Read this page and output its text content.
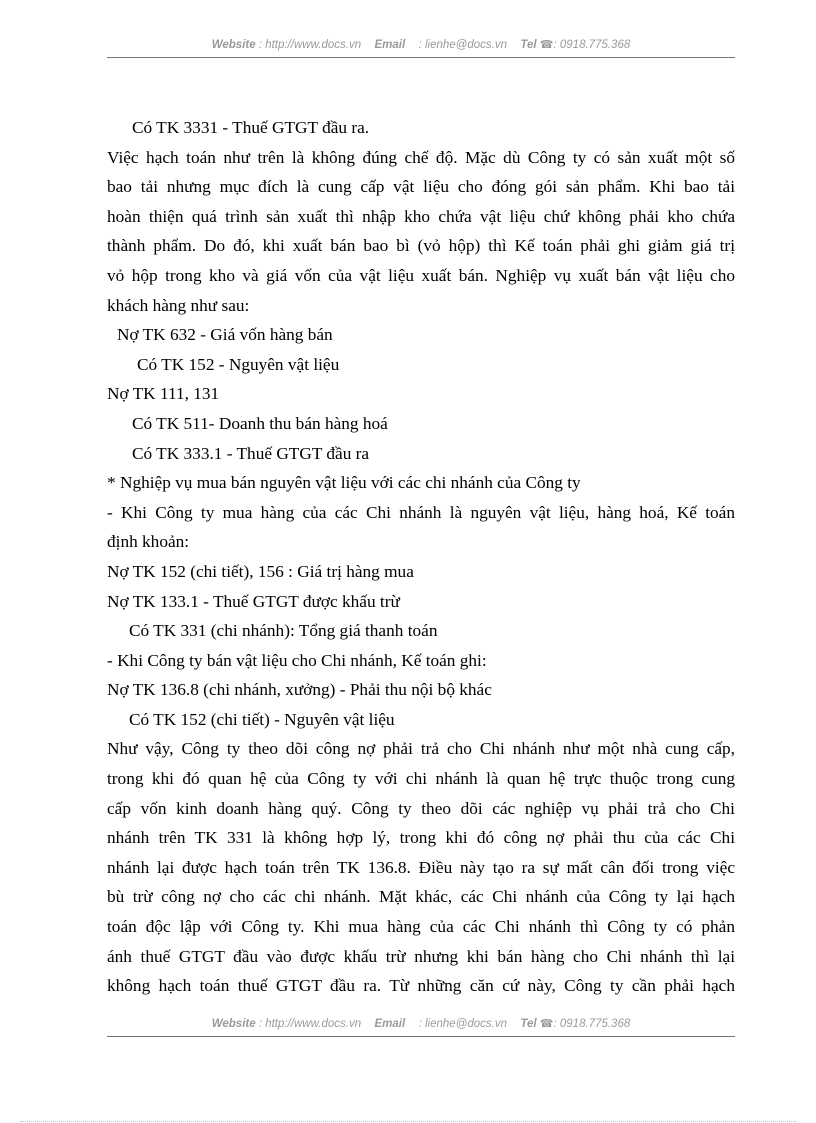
Website : http://www.docs.vn Email : lienhe@docs.vn Tel ☎: 0918.775.368
Có TK 3331 - Thuế GTGT đầu ra.
Việc hạch toán như trên là không đúng chế độ. Mặc dù Công ty có sản xuất một số
bao tải nhưng mục đích là cung cấp vật liệu cho đóng gói sản phẩm. Khi bao tải
hoàn thiện quá trình sản xuất thì nhập kho chứa vật liệu chứ không phải kho chứa
thành phẩm. Do đó, khi xuất bán bao bì (vỏ hộp) thì Kế toán phải ghi giảm giá trị
vỏ hộp trong kho và giá vốn của vật liệu xuất bán. Nghiệp vụ xuất bán vật liệu cho
khách hàng như sau:
Nợ TK 632 - Giá vốn hàng bán
Có TK 152 - Nguyên vật liệu
Nợ TK 111, 131
Có TK 511- Doanh thu bán hàng hoá
Có TK 333.1 - Thuế GTGT đầu ra
* Nghiệp vụ mua bán nguyên vật liệu với các chi nhánh của Công ty
- Khi Công ty mua hàng của các Chi nhánh là nguyên vật liệu, hàng hoá, Kế toán
định khoản:
Nợ TK 152 (chi tiết), 156 : Giá trị hàng mua
Nợ TK 133.1 - Thuế GTGT được khấu trừ
Có TK 331 (chi nhánh): Tổng giá thanh toán
- Khi Công ty bán vật liệu cho Chi nhánh, Kế toán ghi:
Nợ TK 136.8 (chi nhánh, xưởng) - Phải thu nội bộ khác
Có TK 152 (chi tiết) - Nguyên vật liệu
Như vậy, Công ty theo dõi công nợ phải trả cho Chi nhánh như một nhà cung cấp,
trong khi đó quan hệ của Công ty với chi nhánh là quan hệ trực thuộc trong cung
cấp vốn kinh doanh hàng quý. Công ty theo dõi các nghiệp vụ phải trả cho Chi
nhánh trên TK 331 là không hợp lý, trong khi đó công nợ phải thu của các Chi
nhánh lại được hạch toán trên TK 136.8. Điều này tạo ra sự mất cân đối trong việc
bù trừ công nợ cho các chi nhánh. Mặt khác, các Chi nhánh của Công ty lại hạch
toán độc lập với Công ty. Khi mua hàng của các Chi nhánh thì Công ty có phản
ánh thuế GTGT đầu vào được khấu trừ nhưng khi bán hàng cho Chi nhánh thì lại
không hạch toán thuế GTGT đầu ra. Từ những căn cứ này, Công ty cần phải hạch
Website : http://www.docs.vn Email : lienhe@docs.vn Tel ☎: 0918.775.368
